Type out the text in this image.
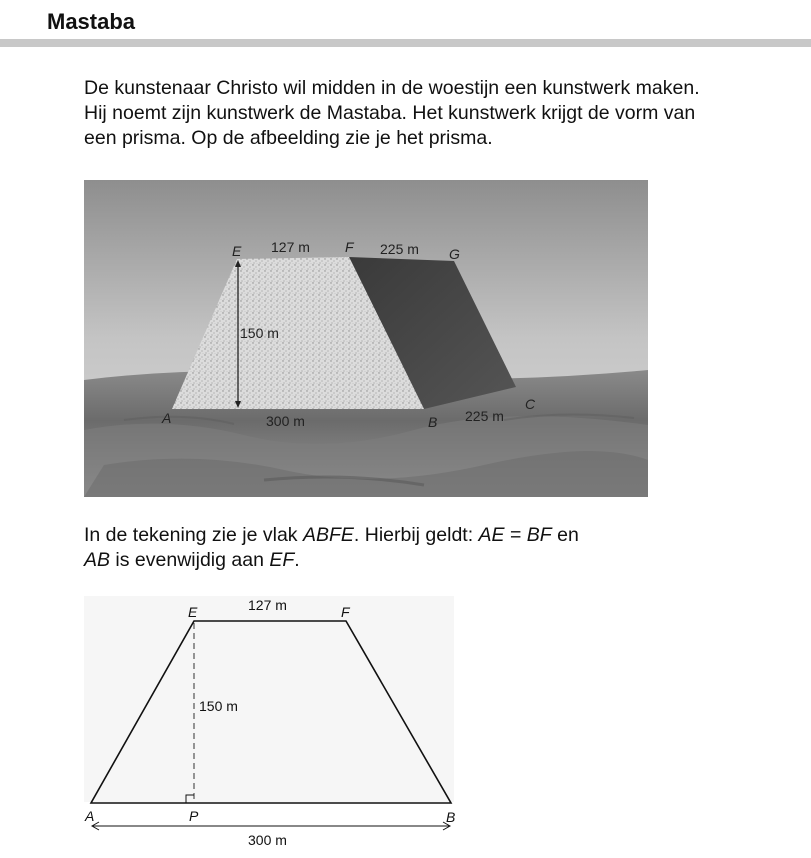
Mastaba

De kunstenaar Christo wil midden in de woestijn een kunstwerk maken.

Hij noemt zijn kunstwerk de Mastaba. Het kunstwerk krijgt de vorm van

een prisma. Op de afbeelding zie je het prisma.

E 127 m	F 225 m G
150 m
A	300 m	B 225 m
C

In de tekening zie je vlak ABFE. Hierbij geldt: AE = BF en

AB is evenwijdig aan EF.

E	127 m	F
150 m
A	P	B
300 m
